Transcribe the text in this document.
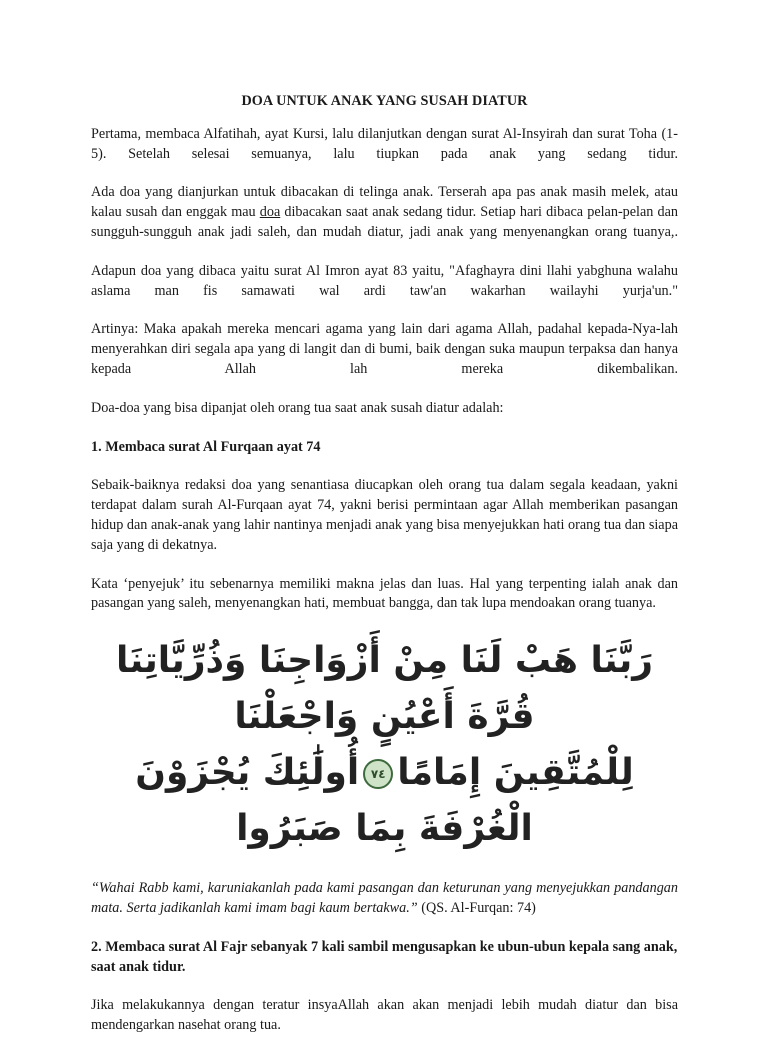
DOA UNTUK ANAK YANG SUSAH DIATUR

Pertama, membaca Alfatihah, ayat Kursi, lalu dilanjutkan dengan surat Al-Insyirah dan surat Toha (1-5). Setelah selesai semuanya, lalu tiupkan pada anak yang sedang tidur.

Ada doa yang dianjurkan untuk dibacakan di telinga anak. Terserah apa pas anak masih melek, atau kalau susah dan enggak mau doa dibacakan saat anak sedang tidur. Setiap hari dibaca pelan-pelan dan sungguh-sungguh anak jadi saleh, dan mudah diatur, jadi anak yang menyenangkan orang tuanya,.

Adapun doa yang dibaca yaitu surat Al Imron ayat 83 yaitu, "Afaghayra dini llahi yabghuna walahu aslama man fis samawati wal ardi taw'an wakarhan wailayhi yurja'un."

Artinya: Maka apakah mereka mencari agama yang lain dari agama Allah, padahal kepada-Nya-lah menyerahkan diri segala apa yang di langit dan di bumi, baik dengan suka maupun terpaksa dan hanya kepada Allah lah mereka dikembalikan.

Doa-doa yang bisa dipanjat oleh orang tua saat anak susah diatur adalah:

1. Membaca surat Al Furqaan ayat 74

Sebaik-baiknya redaksi doa yang senantiasa diucapkan oleh orang tua dalam segala keadaan, yakni terdapat dalam surah Al-Furqaan ayat 74, yakni berisi permintaan agar Allah memberikan pasangan hidup dan anak-anak yang lahir nantinya menjadi anak yang bisa menyejukkan hati orang tua dan siapa saja yang di dekatnya.

Kata ‘penyejuk’ itu sebenarnya memiliki makna jelas dan luas. Hal yang terpenting ialah anak dan pasangan yang saleh, menyenangkan hati, membuat bangga, dan tak lupa mendoakan orang tuanya.

رَبَّنَا هَبْ لَنَا مِنْ أَزْوَاجِنَا وَذُرِّيَّاتِنَا قُرَّةَ أَعْيُنٍ وَاجْعَلْنَا
لِلْمُتَّقِينَ إِمَامًا٧٤أُولَٰئِكَ يُجْزَوْنَ الْغُرْفَةَ بِمَا صَبَرُوا

“Wahai Rabb kami, karuniakanlah pada kami pasangan dan keturunan yang menyejukkan pandangan mata. Serta jadikanlah kami imam bagi kaum bertakwa.” (QS. Al-Furqan: 74)

2. Membaca surat Al Fajr sebanyak 7 kali sambil mengusapkan ke ubun-ubun kepala sang anak, saat anak tidur.

Jika melakukannya dengan teratur insyaAllah akan akan menjadi lebih mudah diatur dan bisa mendengarkan nasehat orang tua.
